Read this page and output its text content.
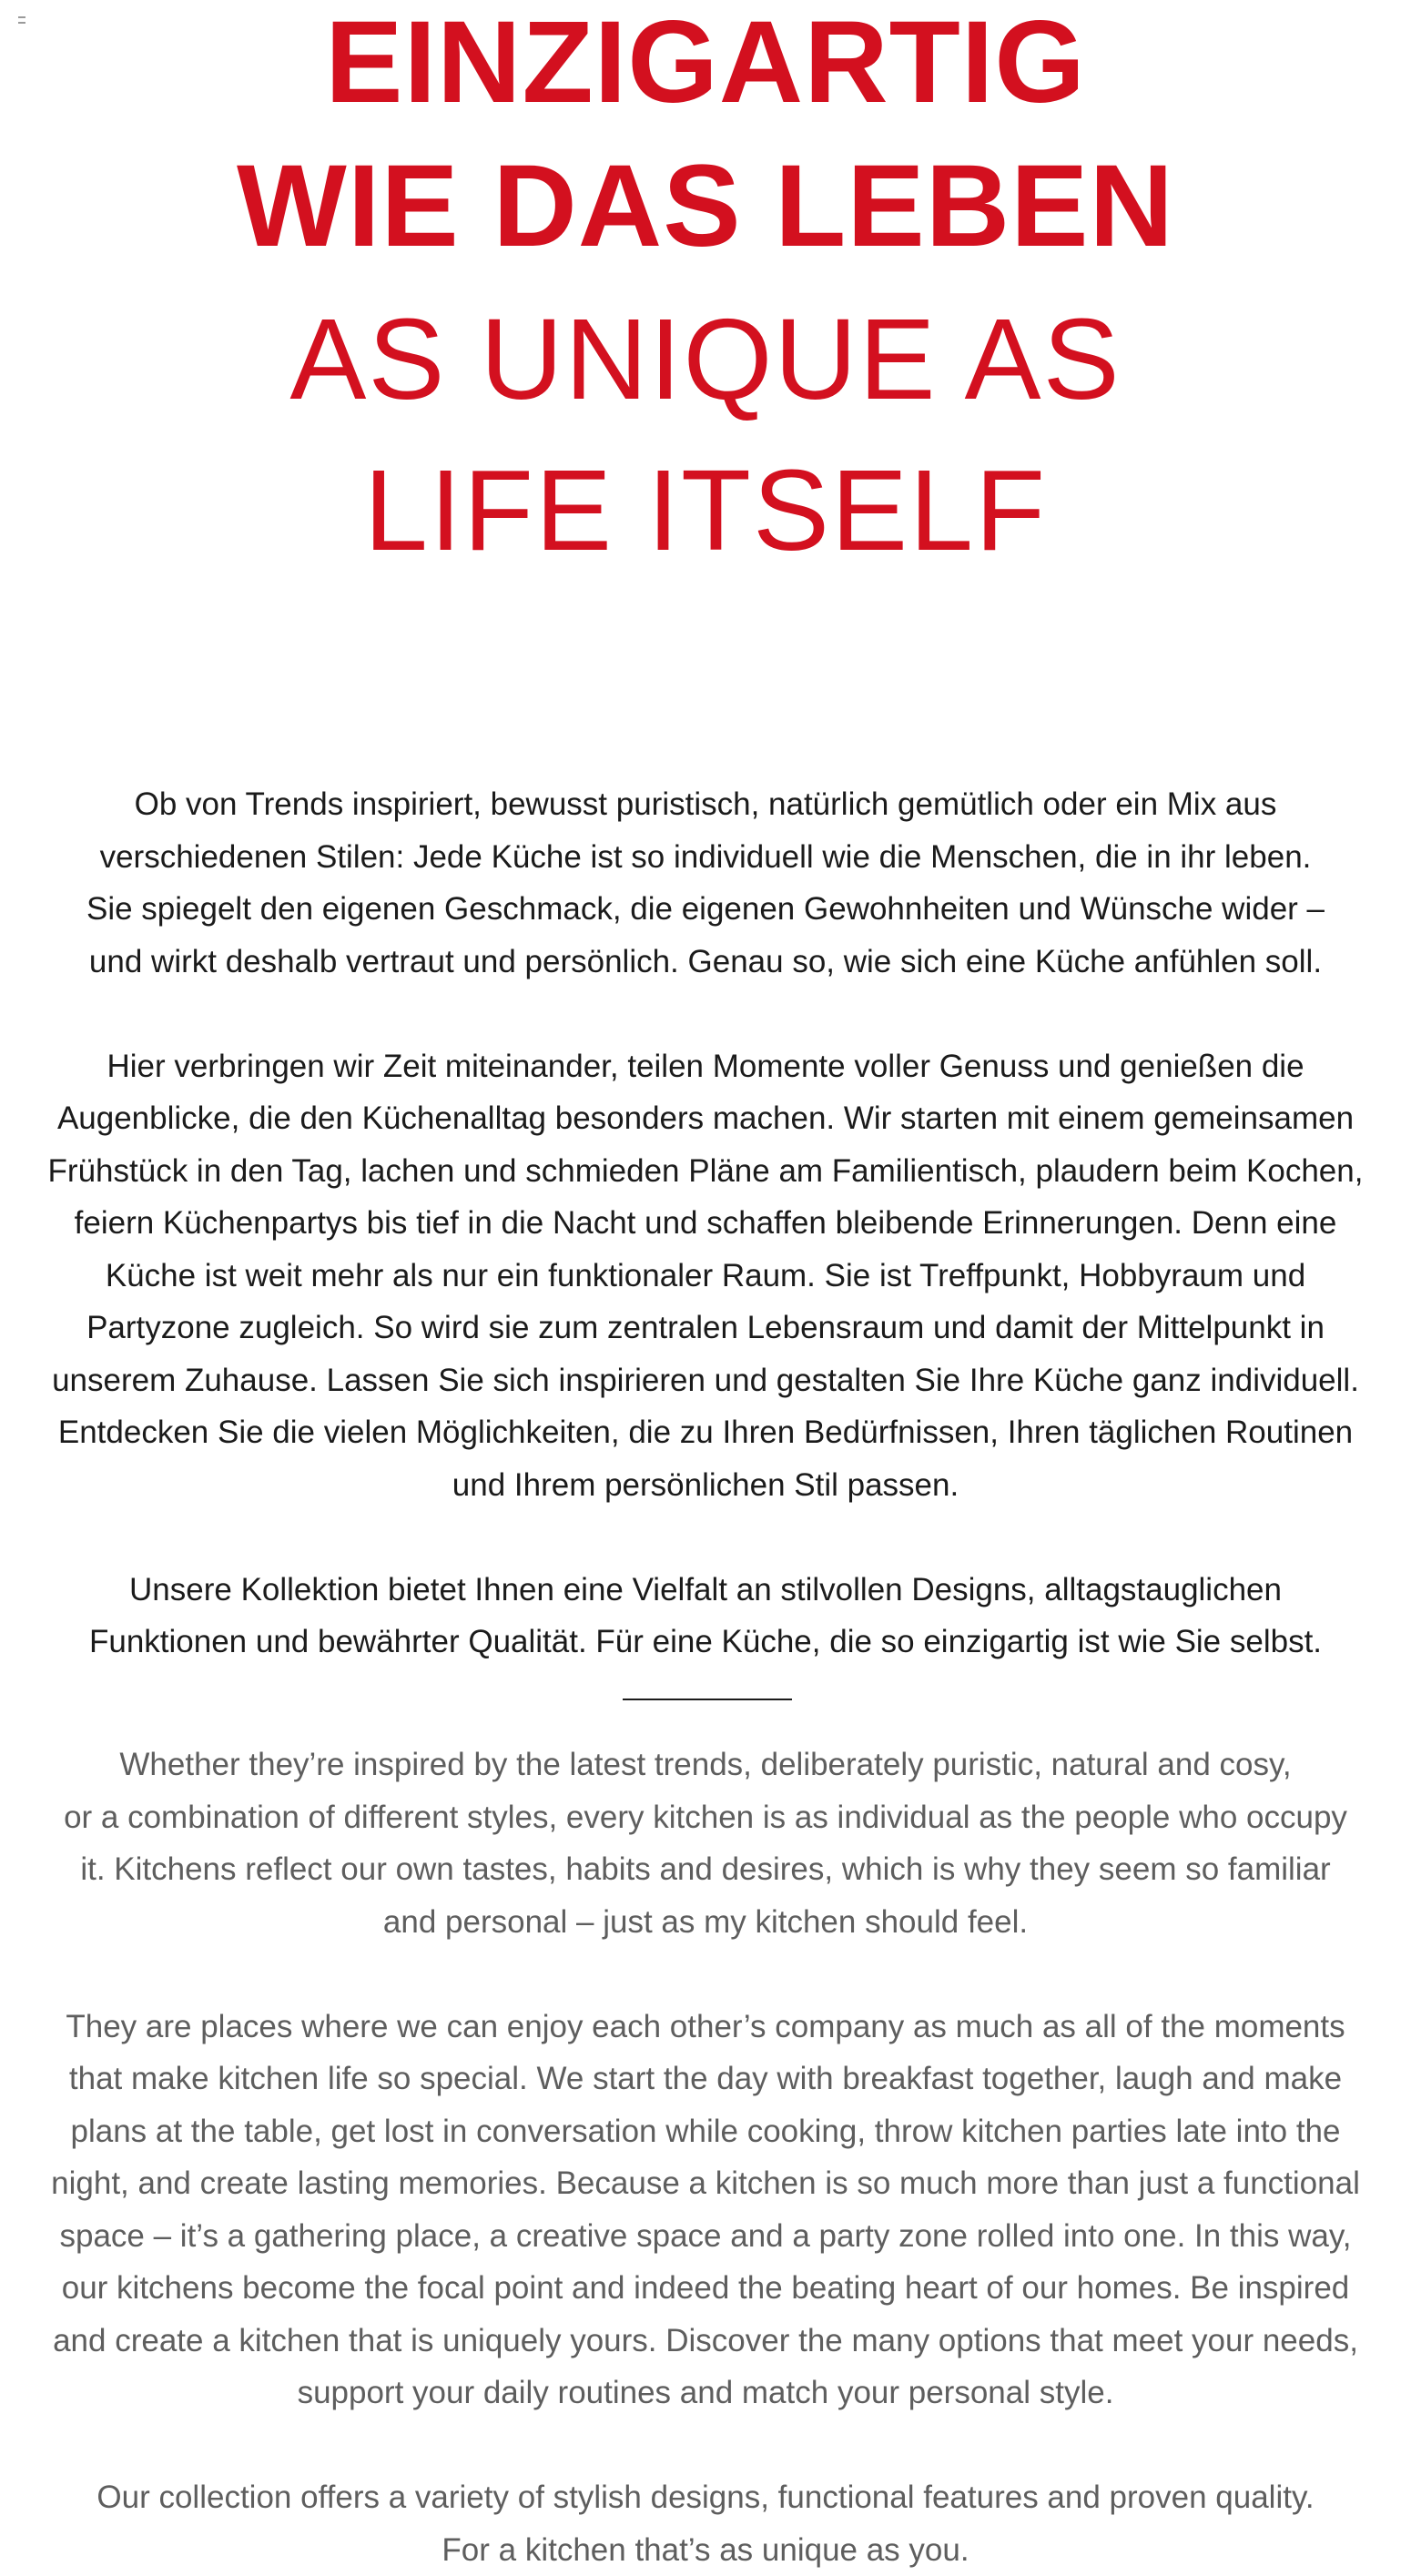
EINZIGARTIG
WIE DAS LEBEN
AS UNIQUE AS
LIFE ITSELF

Ob von Trends inspiriert, bewusst puristisch, natürlich gemütlich oder ein Mix aus
verschiedenen Stilen: Jede Küche ist so individuell wie die Menschen, die in ihr leben.
Sie spiegelt den eigenen Geschmack, die eigenen Gewohnheiten und Wünsche wider –
und wirkt deshalb vertraut und persönlich. Genau so, wie sich eine Küche anfühlen soll.

Hier verbringen wir Zeit miteinander, teilen Momente voller Genuss und genießen die
Augenblicke, die den Küchenalltag besonders machen. Wir starten mit einem gemeinsamen
Frühstück in den Tag, lachen und schmieden Pläne am Familientisch, plaudern beim Kochen,
feiern Küchenpartys bis tief in die Nacht und schaffen bleibende Erinnerungen. Denn eine
Küche ist weit mehr als nur ein funktionaler Raum. Sie ist Treffpunkt, Hobbyraum und
Partyzone zugleich. So wird sie zum zentralen Lebensraum und damit der Mittelpunkt in
unserem Zuhause. Lassen Sie sich inspirieren und gestalten Sie Ihre Küche ganz individuell.
Entdecken Sie die vielen Möglichkeiten, die zu Ihren Bedürfnissen, Ihren täglichen Routinen
und Ihrem persönlichen Stil passen.

Unsere Kollektion bietet Ihnen eine Vielfalt an stilvollen Designs, alltagstauglichen
Funktionen und bewährter Qualität. Für eine Küche, die so einzigartig ist wie Sie selbst.

Whether they’re inspired by the latest trends, deliberately puristic, natural and cosy,
or a combination of different styles, every kitchen is as individual as the people who occupy
it. Kitchens reflect our own tastes, habits and desires, which is why they seem so familiar
and personal – just as my kitchen should feel.

They are places where we can enjoy each other’s company as much as all of the moments
that make kitchen life so special. We start the day with breakfast together, laugh and make
plans at the table, get lost in conversation while cooking, throw kitchen parties late into the
night, and create lasting memories. Because a kitchen is so much more than just a functional
space – it’s a gathering place, a creative space and a party zone rolled into one. In this way,
our kitchens become the focal point and indeed the beating heart of our homes. Be inspired
and create a kitchen that is uniquely yours. Discover the many options that meet your needs,
support your daily routines and match your personal style.

Our collection offers a variety of stylish designs, functional features and proven quality.
For a kitchen that’s as unique as you.
